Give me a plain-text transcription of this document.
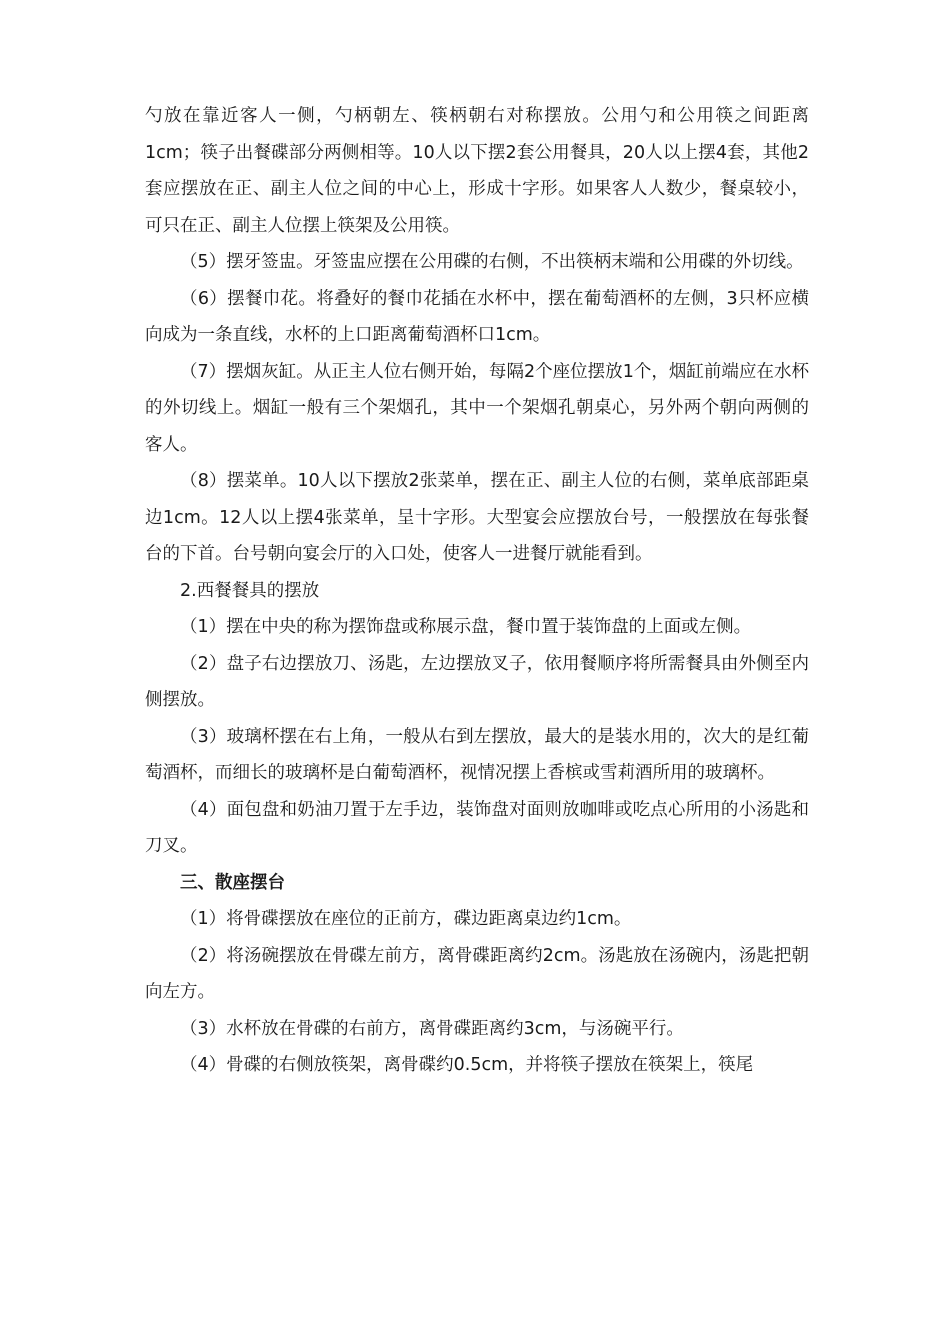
勺放在靠近客人一侧，勺柄朝左、筷柄朝右对称摆放。公用勺和公用筷之间距离1cm；筷子出餐碟部分两侧相等。10人以下摆2套公用餐具，20人以上摆4套，其他2套应摆放在正、副主人位之间的中心上，形成十字形。如果客人人数少，餐桌较小，可只在正、副主人位摆上筷架及公用筷。

（5）摆牙签盅。牙签盅应摆在公用碟的右侧，不出筷柄末端和公用碟的外切线。

（6）摆餐巾花。将叠好的餐巾花插在水杯中，摆在葡萄酒杯的左侧，3只杯应横向成为一条直线，水杯的上口距离葡萄酒杯口1cm。

（7）摆烟灰缸。从正主人位右侧开始，每隔2个座位摆放1个，烟缸前端应在水杯的外切线上。烟缸一般有三个架烟孔，其中一个架烟孔朝桌心，另外两个朝向两侧的客人。

（8）摆菜单。10人以下摆放2张菜单，摆在正、副主人位的右侧，菜单底部距桌边1cm。12人以上摆4张菜单，呈十字形。大型宴会应摆放台号，一般摆放在每张餐台的下首。台号朝向宴会厅的入口处，使客人一进餐厅就能看到。

2.西餐餐具的摆放

（1）摆在中央的称为摆饰盘或称展示盘，餐巾置于装饰盘的上面或左侧。

（2）盘子右边摆放刀、汤匙，左边摆放叉子，依用餐顺序将所需餐具由外侧至内侧摆放。

（3）玻璃杯摆在右上角，一般从右到左摆放，最大的是装水用的，次大的是红葡萄酒杯，而细长的玻璃杯是白葡萄酒杯，视情况摆上香槟或雪莉酒所用的玻璃杯。

（4）面包盘和奶油刀置于左手边，装饰盘对面则放咖啡或吃点心所用的小汤匙和刀叉。

三、散座摆台

（1）将骨碟摆放在座位的正前方，碟边距离桌边约1cm。

（2）将汤碗摆放在骨碟左前方，离骨碟距离约2cm。汤匙放在汤碗内，汤匙把朝向左方。

（3）水杯放在骨碟的右前方，离骨碟距离约3cm，与汤碗平行。

（4）骨碟的右侧放筷架，离骨碟约0.5cm，并将筷子摆放在筷架上，筷尾
